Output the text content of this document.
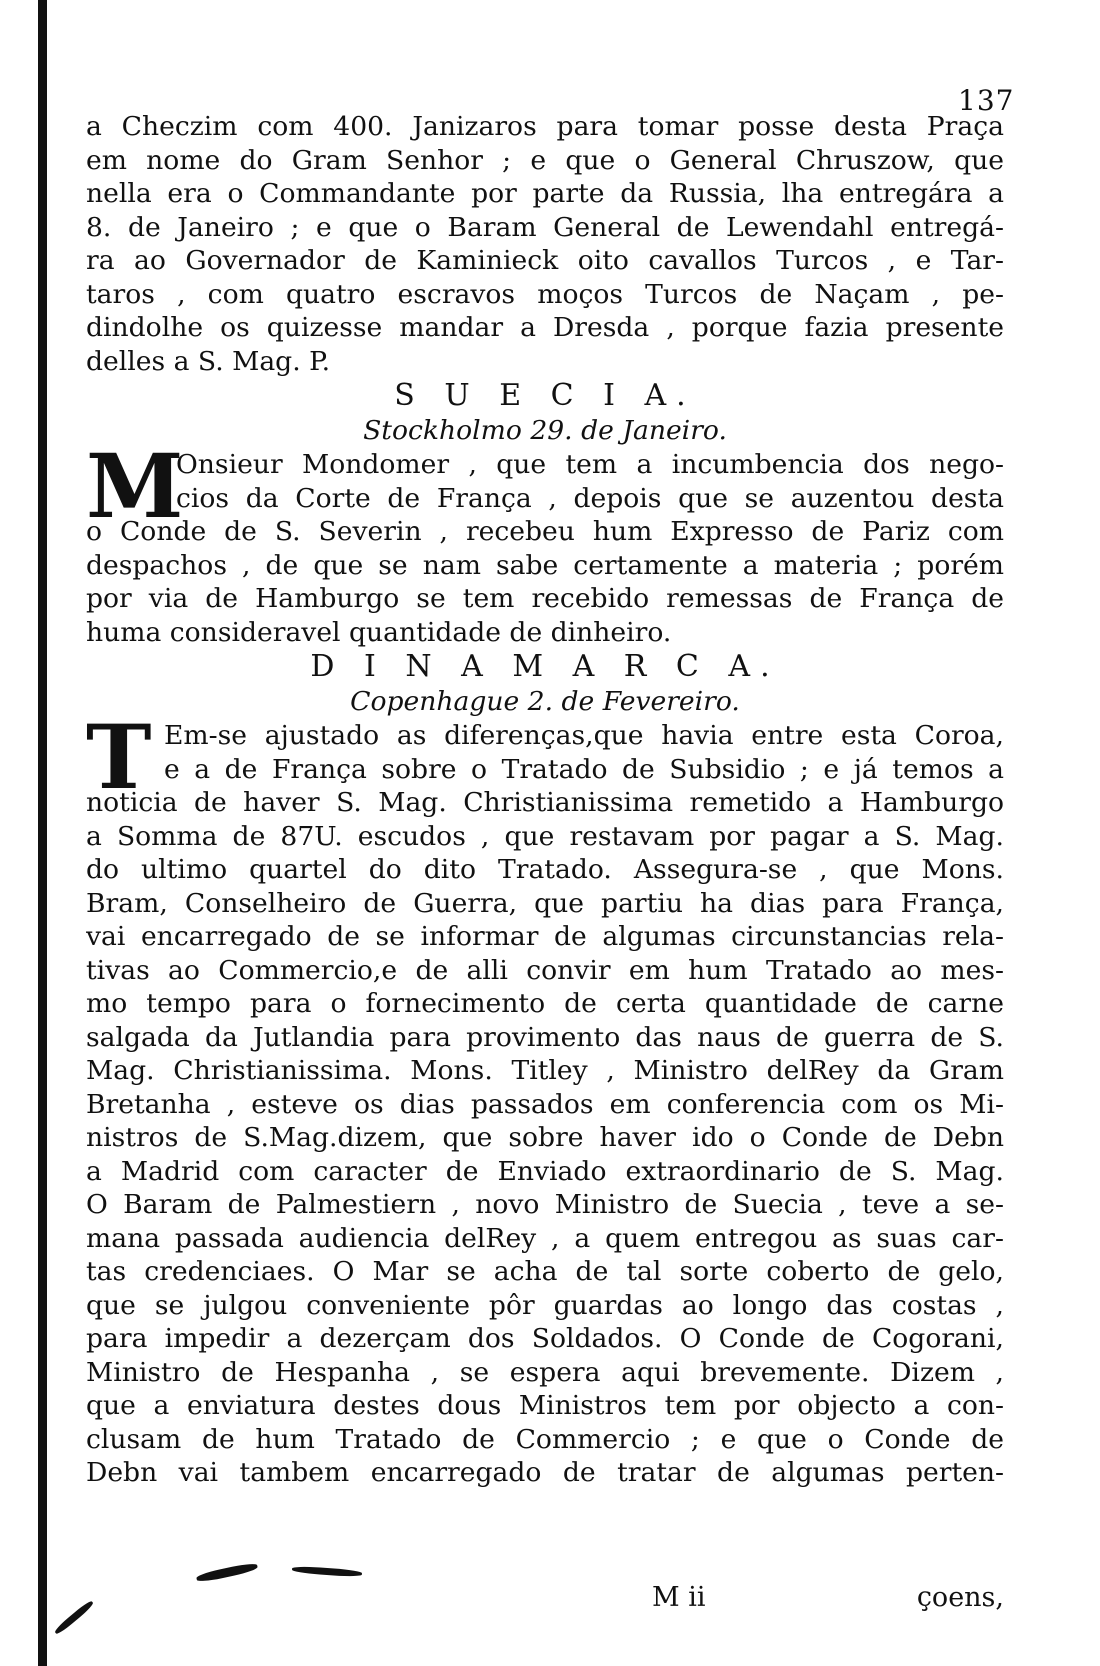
137
a Checzim com 400. Janizaros para tomar posse desta Praça
em nome do Gram Senhor ; e que o General Chruszow, que
nella era o Commandante por parte da Russia, lha entregára a
8. de Janeiro ; e que o Baram General de Lewendahl entregá-
ra ao Governador de Kaminieck oito cavallos Turcos , e Tar-
taros , com quatro escravos moços Turcos de Naçam , pe-
dindolhe os quizesse mandar a Dresda , porque fazia presente
delles a S. Mag. P.
S U E C I A.
Stockholmo 29. de Janeiro.
M
Onsieur Mondomer , que tem a incumbencia dos nego-
cios da Corte de França , depois que se auzentou desta
o Conde de S. Severin , recebeu hum Expresso de Pariz com
despachos , de que se nam sabe certamente a materia ; porém
por via de Hamburgo se tem recebido remessas de França de
huma consideravel quantidade de dinheiro.
D I N A M A R C A.
Copenhague 2. de Fevereiro.
T Em-se ajustado as diferenças,que havia entre esta Coroa,
e a de França sobre o Tratado de Subsidio ; e já temos a
noticia de haver S. Mag. Christianissima remetido a Hamburgo
a Somma de 87U. escudos , que restavam por pagar a S. Mag.
do ultimo quartel do dito Tratado. Assegura-se , que Mons.
Bram, Conselheiro de Guerra, que partiu ha dias para França,
vai encarregado de se informar de algumas circunstancias rela-
tivas ao Commercio,e de alli convir em hum Tratado ao mes-
mo tempo para o fornecimento de certa quantidade de carne
salgada da Jutlandia para provimento das naus de guerra de S.
Mag. Christianissima. Mons. Titley , Ministro delRey da Gram
Bretanha , esteve os dias passados em conferencia com os Mi-
nistros de S.Mag.dizem, que sobre haver ido o Conde de Debn
a Madrid com caracter de Enviado extraordinario de S. Mag.
O Baram de Palmestiern , novo Ministro de Suecia , teve a se-
mana passada audiencia delRey , a quem entregou as suas car-
tas credenciaes. O Mar se acha de tal sorte coberto de gelo,
que se julgou conveniente pôr guardas ao longo das costas ,
para impedir a dezerçam dos Soldados. O Conde de Cogorani,
Ministro de Hespanha , se espera aqui brevemente. Dizem ,
que a enviatura destes dous Ministros tem por objecto a con-
clusam de hum Tratado de Commercio ; e que o Conde de
Debn vai tambem encarregado de tratar de algumas perten-
M ii	çoens,
